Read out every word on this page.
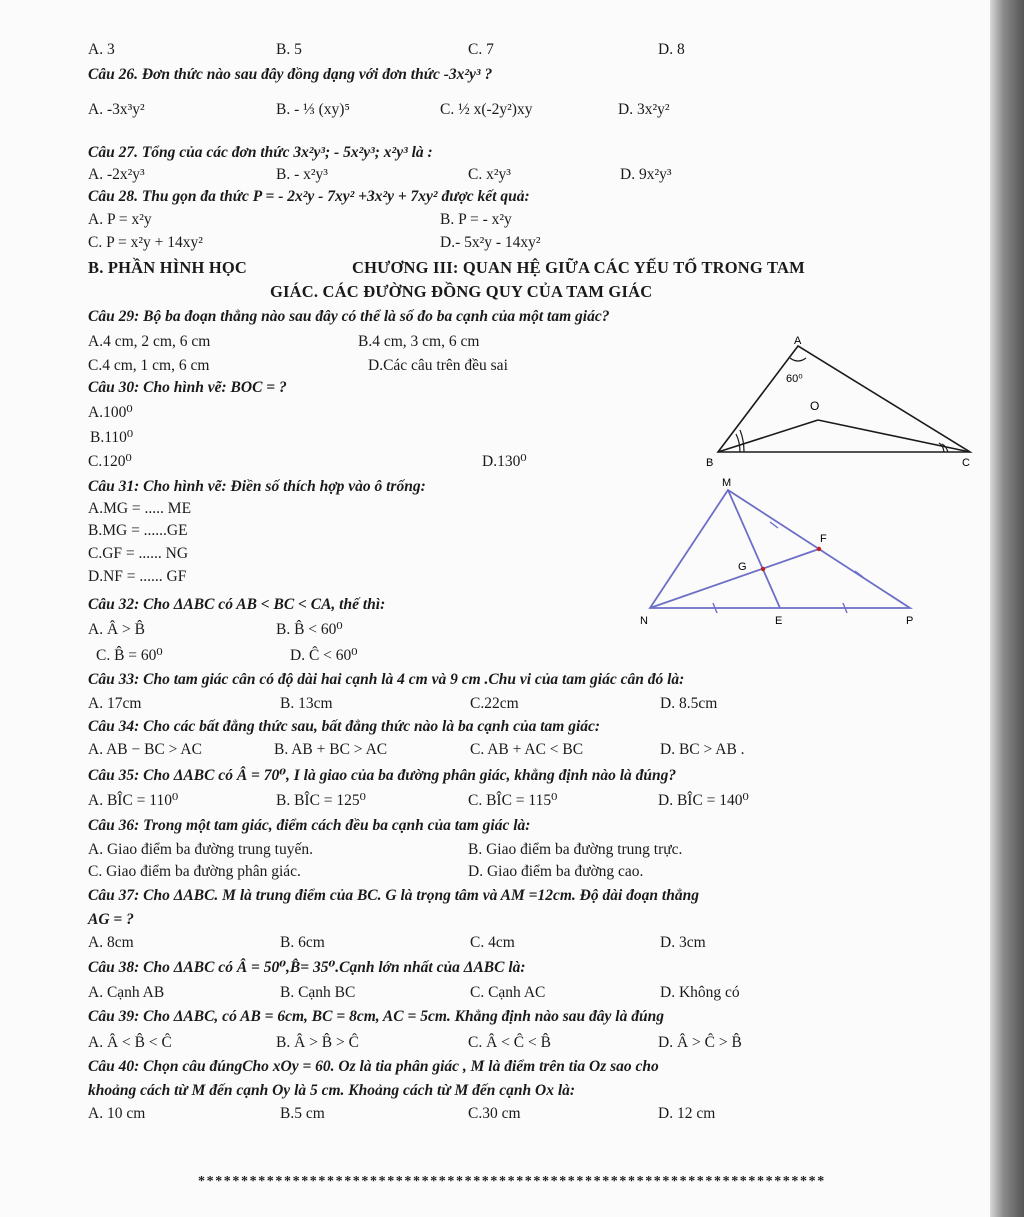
A. 3	B. 5	C. 7	D. 8
Câu 26. Đơn thức nào sau đây đồng dạng với đơn thức -3x²y³ ?
A. -3x³y²	B. - ⅓ (xy)⁵	C. ½ x(-2y²)xy	D. 3x²y²
Câu 27. Tổng của các đơn thức 3x²y³; - 5x²y³; x²y³ là :
A. -2x²y³	B. - x²y³	C. x²y³	D. 9x²y³
Câu 28. Thu gọn đa thức P = - 2x²y - 7xy² +3x²y + 7xy² được kết quả:
A. P = x²y	B. P = - x²y
C. P = x²y + 14xy²	D.- 5x²y - 14xy²
B. PHẦN HÌNH HỌC	CHƯƠNG III: QUAN HỆ GIỮA CÁC YẾU TỐ TRONG TAM
GIÁC. CÁC ĐƯỜNG ĐỒNG QUY CỦA TAM GIÁC
Câu 29: Bộ ba đoạn thẳng nào sau đây có thể là số đo ba cạnh của một tam giác?
A.4 cm, 2 cm, 6 cm	B.4 cm, 3 cm, 6 cm
C.4 cm, 1 cm, 6 cm	D.Các câu trên đều sai
Câu 30: Cho hình vẽ: BOC = ?
A.100⁰
B.110⁰
C.120⁰	D.130⁰
Câu 31: Cho hình vẽ: Điền số thích hợp vào ô trống:
A.MG = ..... ME
B.MG = ......GE
C.GF = ...... NG
D.NF = ...... GF
Câu 32: Cho ΔABC có AB < BC < CA, thế thì:
A. Â > B̂	B. B̂ < 60⁰
C. B̂ = 60⁰	D. Ĉ < 60⁰
Câu 33: Cho tam giác cân có độ dài hai cạnh là 4 cm và 9 cm .Chu vi của tam giác cân đó là:
A. 17cm	B. 13cm	C.22cm	D. 8.5cm
Câu 34: Cho các bất đẳng thức sau, bất đẳng thức nào là ba cạnh của tam giác:
A. AB − BC > AC	B. AB + BC > AC	C. AB + AC < BC	D. BC > AB .
Câu 35: Cho ΔABC có Â = 70⁰, I là giao của ba đường phân giác, khẳng định nào là đúng?
A. BÎC = 110⁰	B. BÎC = 125⁰	C. BÎC = 115⁰	D. BÎC = 140⁰
Câu 36: Trong một tam giác, điểm cách đều ba cạnh của tam giác là:
A. Giao điểm ba đường trung tuyến.	B. Giao điểm ba đường trung trực.
C. Giao điểm ba đường phân giác.	D. Giao điểm ba đường cao.
Câu 37: Cho ΔABC. M là trung điểm của BC. G là trọng tâm và AM =12cm. Độ dài đoạn thẳng
AG = ?
A. 8cm	B. 6cm	C. 4cm	D. 3cm
Câu 38: Cho ΔABC có Â = 50⁰,B̂= 35⁰.Cạnh lớn nhất của ΔABC là:
A. Cạnh AB	B. Cạnh BC	C. Cạnh AC	D. Không có
Câu 39: Cho ΔABC, có AB = 6cm, BC = 8cm, AC = 5cm. Khẳng định nào sau đây là đúng
A. Â < B̂ < Ĉ	B. Â > B̂ > Ĉ	C. Â < Ĉ < B̂	D. Â > Ĉ > B̂
Câu 40: Chọn câu đúngCho xOy = 60. Oz là tia phân giác , M là điểm trên tia Oz sao cho
khoảng cách từ M đến cạnh Oy là 5 cm. Khoảng cách từ M đến cạnh Ox là:
A. 10 cm	B.5 cm	C.30 cm	D. 12 cm
A
60⁰
O
B	C
M
F
G
N	E	P
*************************************************************************
